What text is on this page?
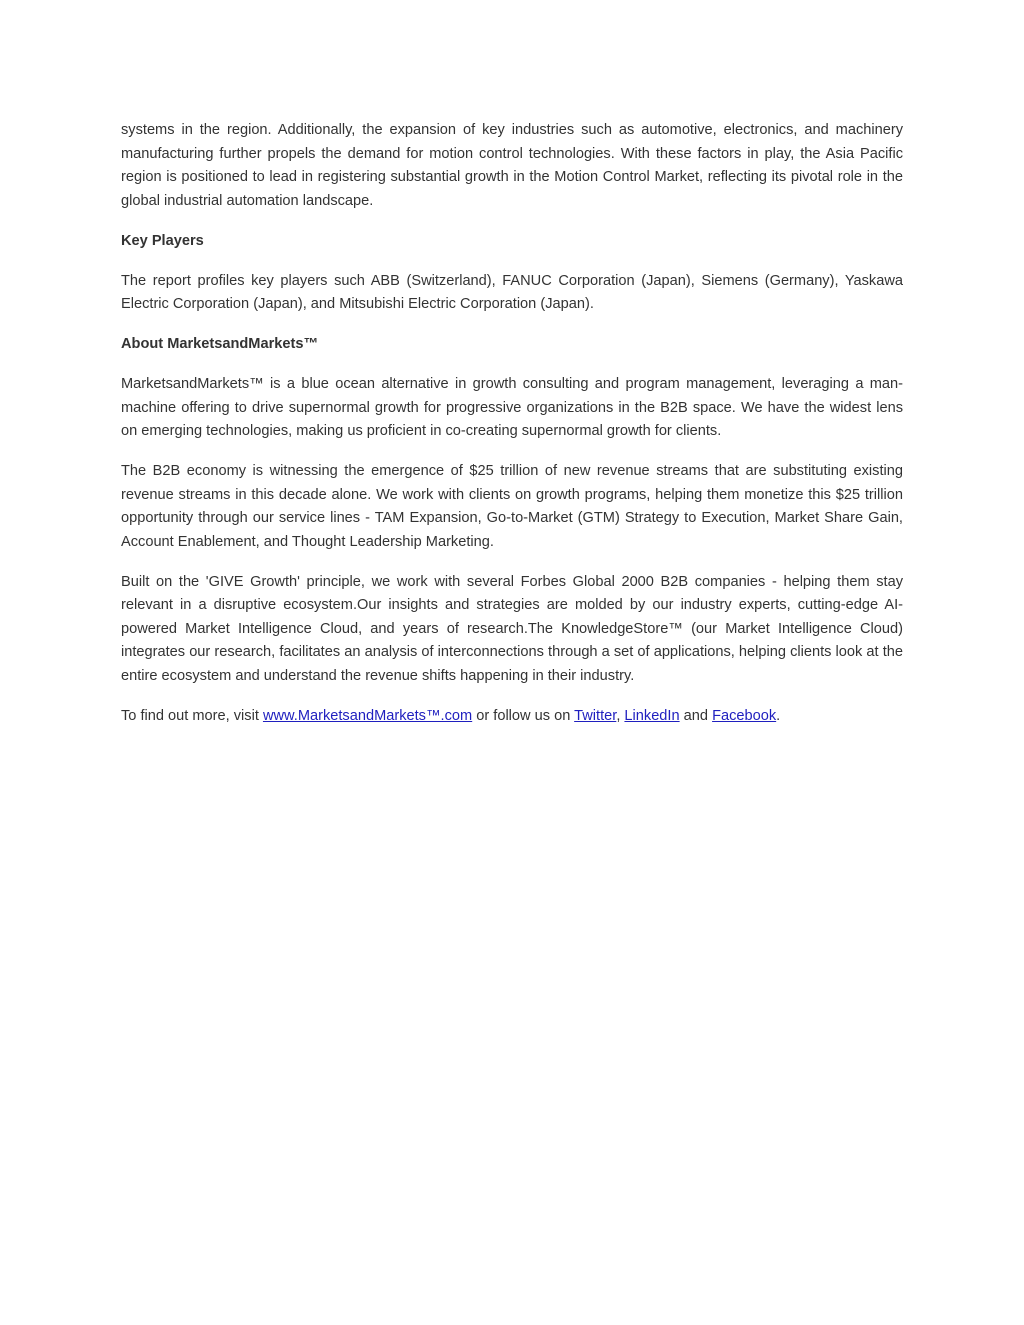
systems in the region. Additionally, the expansion of key industries such as automotive, electronics, and machinery manufacturing further propels the demand for motion control technologies. With these factors in play, the Asia Pacific region is positioned to lead in registering substantial growth in the Motion Control Market, reflecting its pivotal role in the global industrial automation landscape.

Key Players

The report profiles key players such ABB (Switzerland), FANUC Corporation (Japan), Siemens (Germany), Yaskawa Electric Corporation (Japan), and Mitsubishi Electric Corporation (Japan).

About MarketsandMarkets™

MarketsandMarkets™ is a blue ocean alternative in growth consulting and program management, leveraging a man-machine offering to drive supernormal growth for progressive organizations in the B2B space. We have the widest lens on emerging technologies, making us proficient in co-creating supernormal growth for clients.

The B2B economy is witnessing the emergence of $25 trillion of new revenue streams that are substituting existing revenue streams in this decade alone. We work with clients on growth programs, helping them monetize this $25 trillion opportunity through our service lines - TAM Expansion, Go-to-Market (GTM) Strategy to Execution, Market Share Gain, Account Enablement, and Thought Leadership Marketing.

Built on the 'GIVE Growth' principle, we work with several Forbes Global 2000 B2B companies - helping them stay relevant in a disruptive ecosystem.Our insights and strategies are molded by our industry experts, cutting-edge AI-powered Market Intelligence Cloud, and years of research.The KnowledgeStore™ (our Market Intelligence Cloud) integrates our research, facilitates an analysis of interconnections through a set of applications, helping clients look at the entire ecosystem and understand the revenue shifts happening in their industry.

To find out more, visit www.MarketsandMarkets™.com or follow us on Twitter, LinkedIn and Facebook.
